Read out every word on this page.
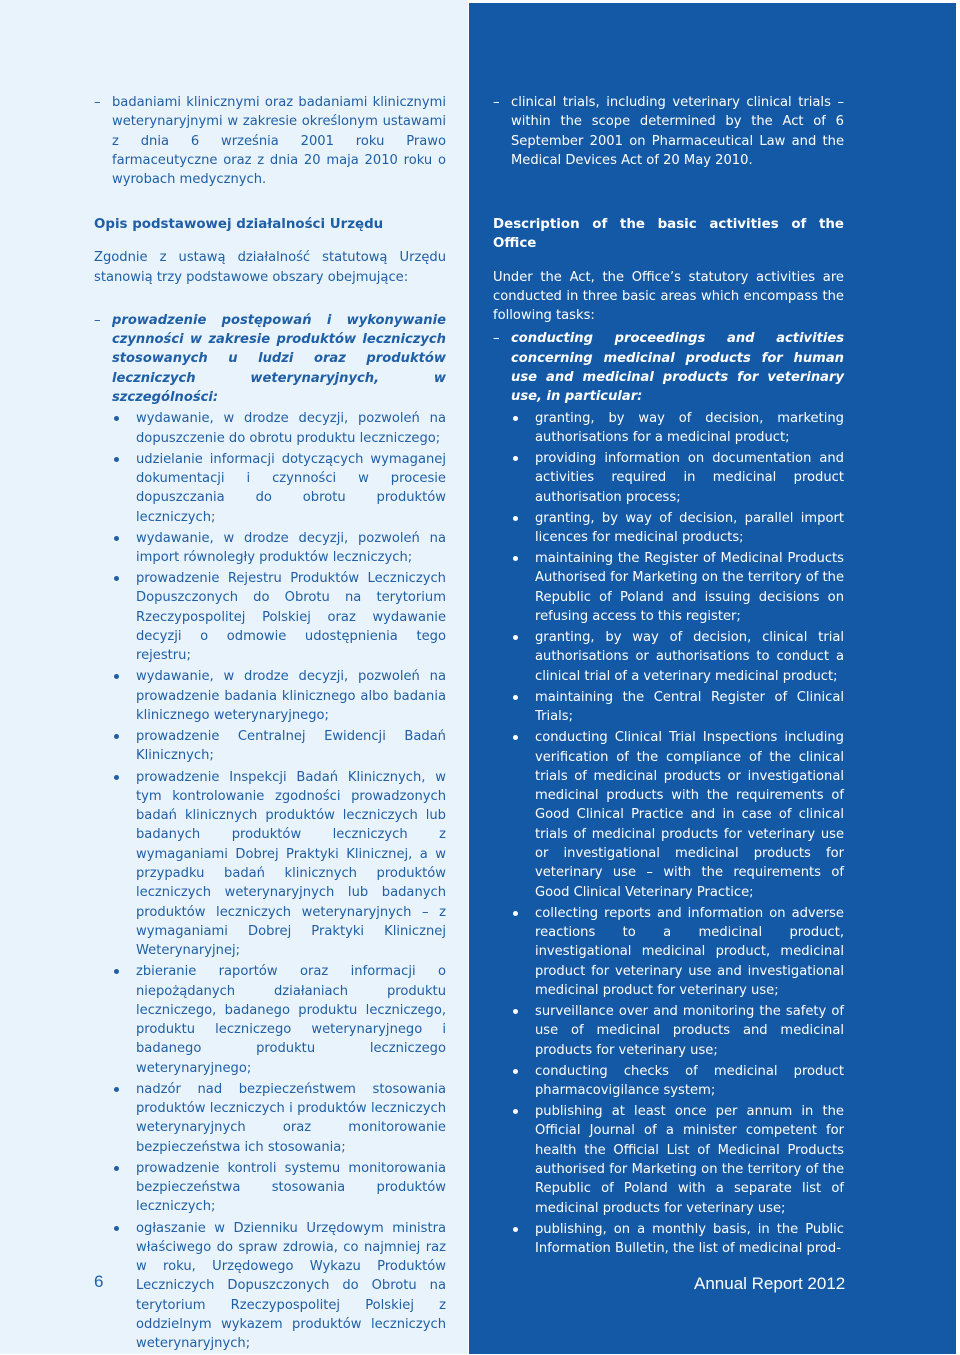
– badaniami klinicznymi oraz badaniami klinicznymi weterynaryjnymi w zakresie określonym ustawami z dnia 6 września 2001 roku Prawo farmaceutyczne oraz z dnia 20 maja 2010 roku o wyrobach medycznych.

Opis podstawowej działalności Urzędu

Zgodnie z ustawą działalność statutową Urzędu stanowią trzy podstawowe obszary obejmujące:

– prowadzenie postępowań i wykonywanie czynności w zakresie produktów leczniczych stosowanych u ludzi oraz produktów leczniczych weterynaryjnych, w szczególności:
wydawanie, w drodze decyzji, pozwoleń na dopuszczenie do obrotu produktu leczniczego;
udzielanie informacji dotyczących wymaganej dokumentacji i czynności w procesie dopuszczania do obrotu produktów leczniczych;
wydawanie, w drodze decyzji, pozwoleń na import równoległy produktów leczniczych;
prowadzenie Rejestru Produktów Leczniczych Dopuszczonych do Obrotu na terytorium Rzeczypospolitej Polskiej oraz wydawanie decyzji o odmowie udostępnienia tego rejestru;
wydawanie, w drodze decyzji, pozwoleń na prowadzenie badania klinicznego albo badania klinicznego weterynaryjnego;
prowadzenie Centralnej Ewidencji Badań Klinicznych;
prowadzenie Inspekcji Badań Klinicznych, w tym kontrolowanie zgodności prowadzonych badań klinicznych produktów leczniczych lub badanych produktów leczniczych z wymaganiami Dobrej Praktyki Klinicznej, a w przypadku badań klinicznych produktów leczniczych weterynaryjnych lub badanych produktów leczniczych weterynaryjnych – z wymaganiami Dobrej Praktyki Klinicznej Weterynaryjnej;
zbieranie raportów oraz informacji o niepożądanych działaniach produktu leczniczego, badanego produktu leczniczego, produktu leczniczego weterynaryjnego i badanego produktu leczniczego weterynaryjnego;
nadzór nad bezpieczeństwem stosowania produktów leczniczych i produktów leczniczych weterynaryjnych oraz monitorowanie bezpieczeństwa ich stosowania;
prowadzenie kontroli systemu monitorowania bezpieczeństwa stosowania produktów leczniczych;
ogłaszanie w Dzienniku Urzędowym ministra właściwego do spraw zdrowia, co najmniej raz w roku, Urzędowego Wykazu Produktów Leczniczych Dopuszczonych do Obrotu na terytorium Rzeczypospolitej Polskiej z oddzielnym wykazem produktów leczniczych weterynaryjnych;
– clinical trials, including veterinary clinical trials – within the scope determined by the Act of 6 September 2001 on Pharmaceutical Law and the Medical Devices Act of 20 May 2010.

Description of the basic activities of the Office

Under the Act, the Office’s statutory activities are conducted in three basic areas which encompass the following tasks:

– conducting proceedings and activities concerning medicinal products for human use and medicinal products for veterinary use, in particular:
granting, by way of decision, marketing authorisations for a medicinal product;
providing information on documentation and activities required in medicinal product authorisation process;
granting, by way of decision, parallel import licences for medicinal products;
maintaining the Register of Medicinal Products Authorised for Marketing on the territory of the Republic of Poland and issuing decisions on refusing access to this register;
granting, by way of decision, clinical trial authorisations or authorisations to conduct a clinical trial of a veterinary medicinal product;
maintaining the Central Register of Clinical Trials;
conducting Clinical Trial Inspections including verification of the compliance of the clinical trials of medicinal products or investigational medicinal products with the requirements of Good Clinical Practice and in case of clinical trials of medicinal products for veterinary use or investigational medicinal products for veterinary use – with the requirements of Good Clinical Veterinary Practice;
collecting reports and information on adverse reactions to a medicinal product, investigational medicinal product, medicinal product for veterinary use and investigational medicinal product for veterinary use;
surveillance over and monitoring the safety of use of medicinal products and medicinal products for veterinary use;
conducting checks of medicinal product pharmacovigilance system;
publishing at least once per annum in the Official Journal of a minister competent for health the Official List of Medicinal Products authorised for Marketing on the territory of the Republic of Poland with a separate list of medicinal products for veterinary use;
publishing, on a monthly basis, in the Public Information Bulletin, the list of medicinal prod-
6	Annual Report 2012
